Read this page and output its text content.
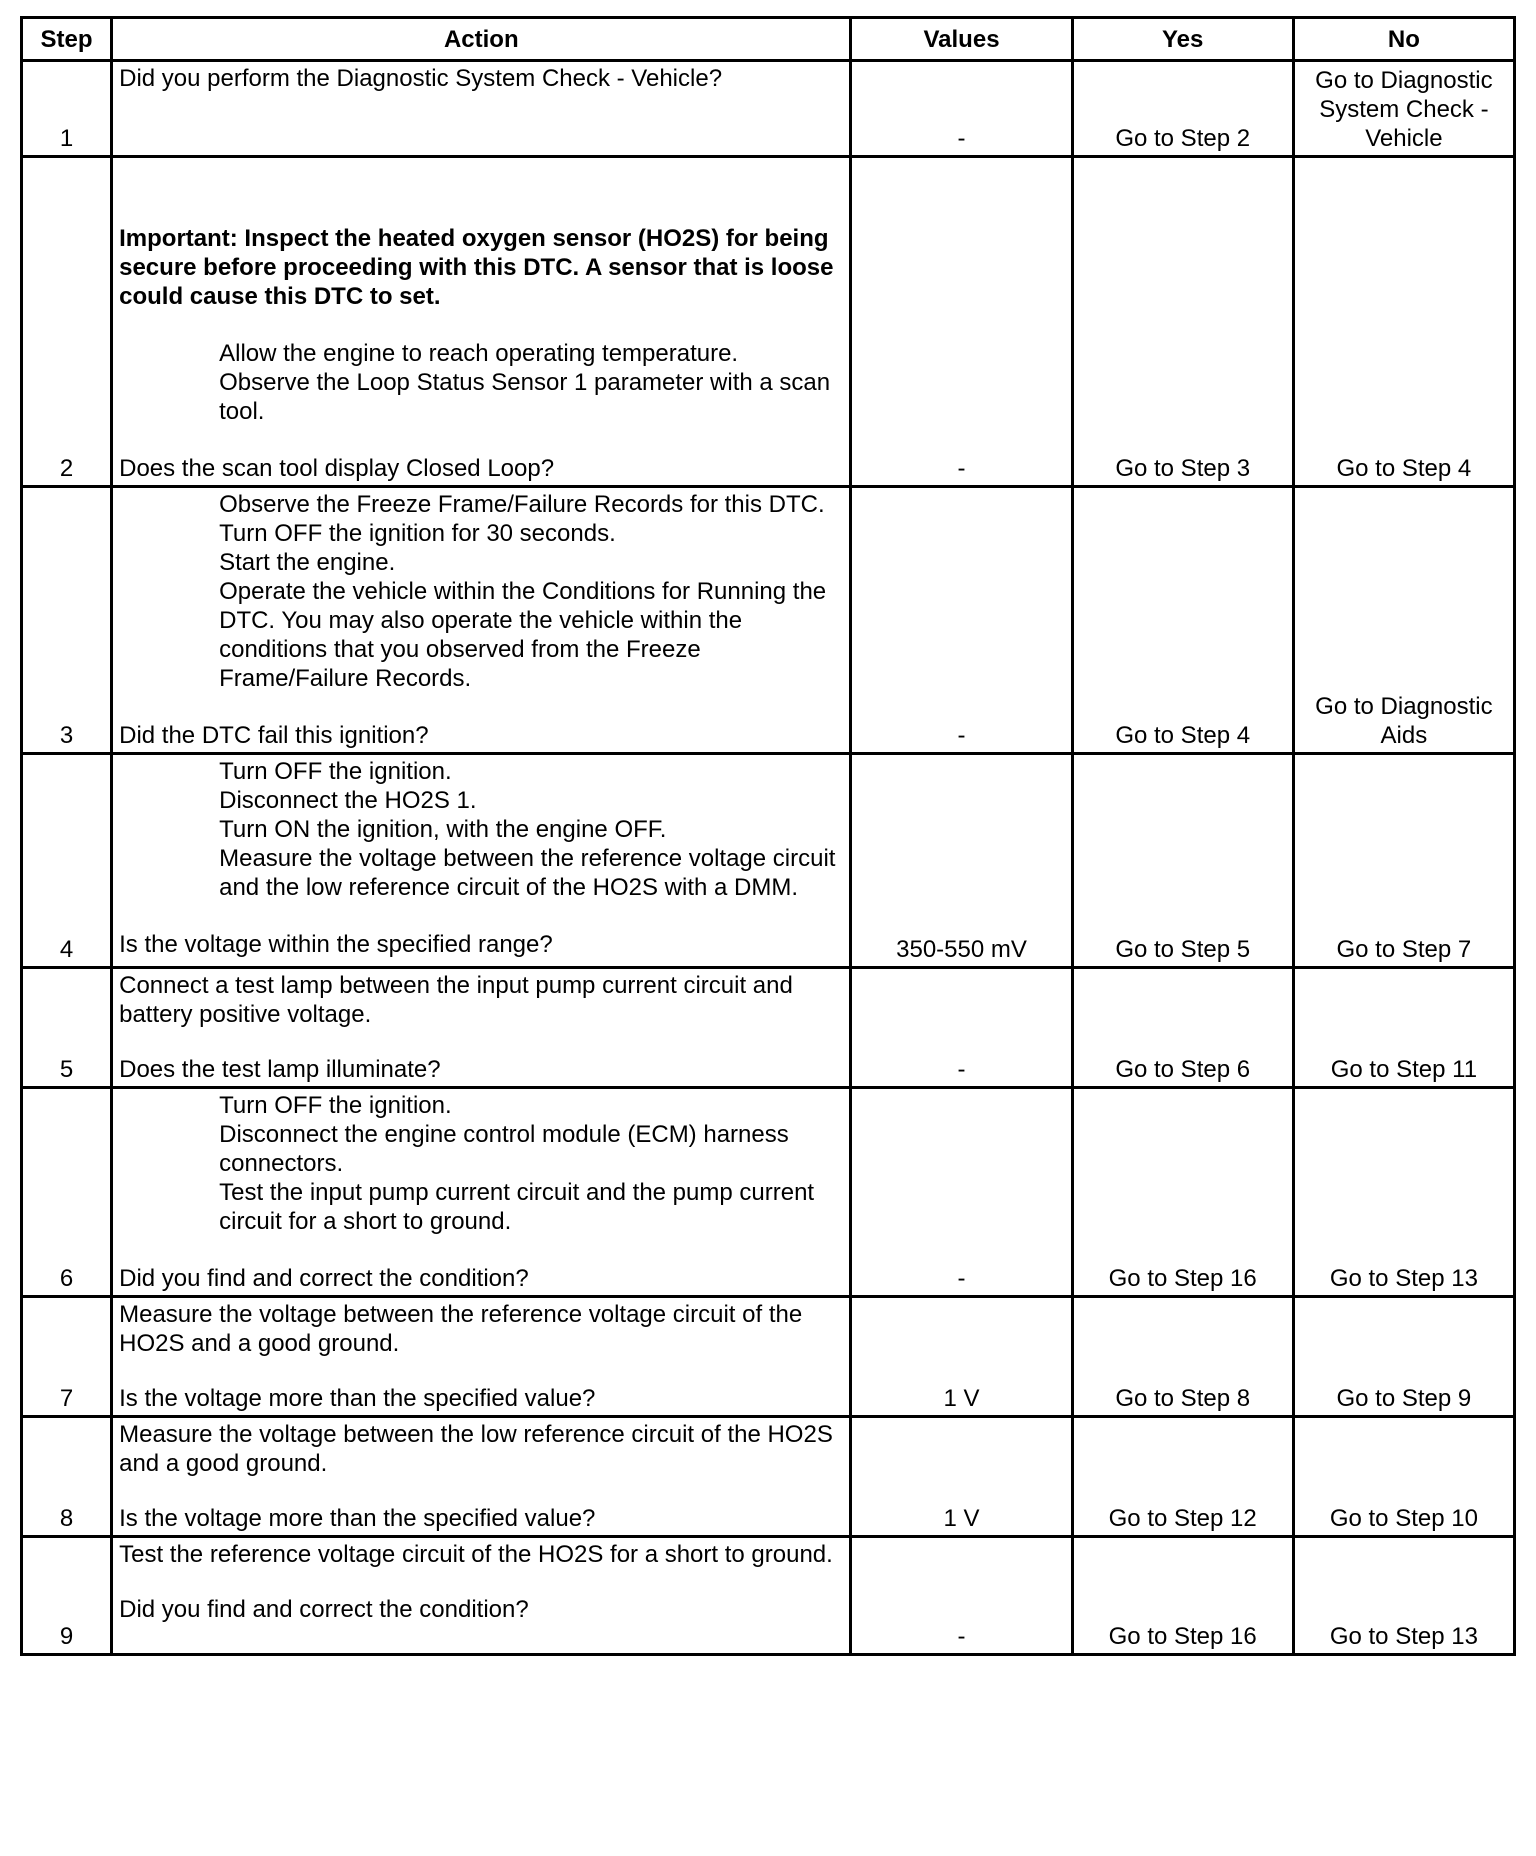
Step	Action	Values	Yes	No
1	Did you perform the Diagnostic System Check - Vehicle?	-	Go to Step 2	Go to Diagnostic System Check - Vehicle
2	Important: Inspect the heated oxygen sensor (HO2S) for being secure before proceeding with this DTC. A sensor that is loose could cause this DTC to set.
Allow the engine to reach operating temperature.
Observe the Loop Status Sensor 1 parameter with a scan tool.
Does the scan tool display Closed Loop?	-	Go to Step 3	Go to Step 4
3	Observe the Freeze Frame/Failure Records for this DTC.
Turn OFF the ignition for 30 seconds.
Start the engine.
Operate the vehicle within the Conditions for Running the DTC. You may also operate the vehicle within the conditions that you observed from the Freeze Frame/Failure Records.
Did the DTC fail this ignition?	-	Go to Step 4	Go to Diagnostic Aids
4	Turn OFF the ignition.
Disconnect the HO2S 1.
Turn ON the ignition, with the engine OFF.
Measure the voltage between the reference voltage circuit and the low reference circuit of the HO2S with a DMM.
Is the voltage within the specified range?	350-550 mV	Go to Step 5	Go to Step 7
5	Connect a test lamp between the input pump current circuit and battery positive voltage.
Does the test lamp illuminate?	-	Go to Step 6	Go to Step 11
6	Turn OFF the ignition.
Disconnect the engine control module (ECM) harness connectors.
Test the input pump current circuit and the pump current circuit for a short to ground.
Did you find and correct the condition?	-	Go to Step 16	Go to Step 13
7	Measure the voltage between the reference voltage circuit of the HO2S and a good ground.
Is the voltage more than the specified value?	1 V	Go to Step 8	Go to Step 9
8	Measure the voltage between the low reference circuit of the HO2S and a good ground.
Is the voltage more than the specified value?	1 V	Go to Step 12	Go to Step 10
9	Test the reference voltage circuit of the HO2S for a short to ground.
Did you find and correct the condition?	-	Go to Step 16	Go to Step 13
